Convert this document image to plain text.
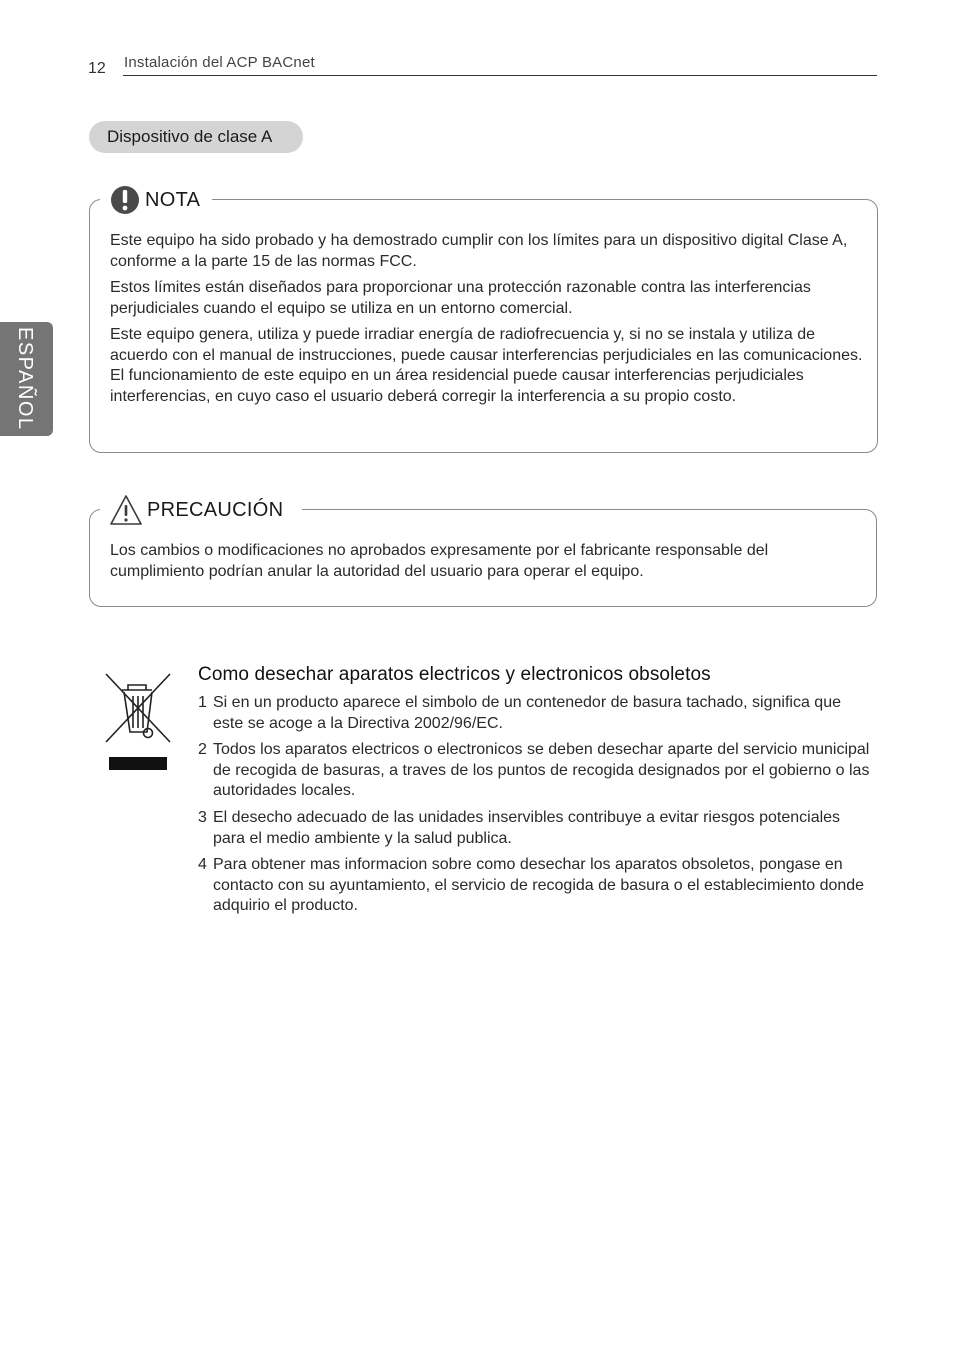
12 Instalación del ACP BACnet
ESPAÑOL
Dispositivo de clase A
NOTA
Este equipo ha sido probado y ha demostrado cumplir con los límites para un dispositivo digital Clase A, conforme a la parte 15 de las normas FCC.
Estos límites están diseñados para proporcionar una protección razonable contra las interferencias perjudiciales cuando el equipo se utiliza en un entorno comercial.
Este equipo genera, utiliza y puede irradiar energía de radiofrecuencia y, si no se instala y utiliza de acuerdo con el manual de instrucciones, puede causar interferencias perjudiciales en las comunicaciones. El funcionamiento de este equipo en un área residencial puede causar interferencias perjudiciales interferencias, en cuyo caso el usuario deberá corregir la interferencia a su propio costo.
PRECAUCIÓN
Los cambios o modificaciones no aprobados expresamente por el fabricante responsable del cumplimiento podrían anular la autoridad del usuario para operar el equipo.
Como desechar aparatos electricos y electronicos obsoletos
1 Si en un producto aparece el simbolo de un contenedor de basura tachado, significa que este se acoge a la Directiva 2002/96/EC.
2 Todos los aparatos electricos o electronicos se deben desechar aparte del servicio municipal de recogida de basuras, a traves de los puntos de recogida designados por el gobierno o las autoridades locales.
3 El desecho adecuado de las unidades inservibles contribuye a evitar riesgos potenciales para el medio ambiente y la salud publica.
4 Para obtener mas informacion sobre como desechar los aparatos obsoletos, pongase en contacto con su ayuntamiento, el servicio de recogida de basura o el establecimiento donde adquirio el producto.
